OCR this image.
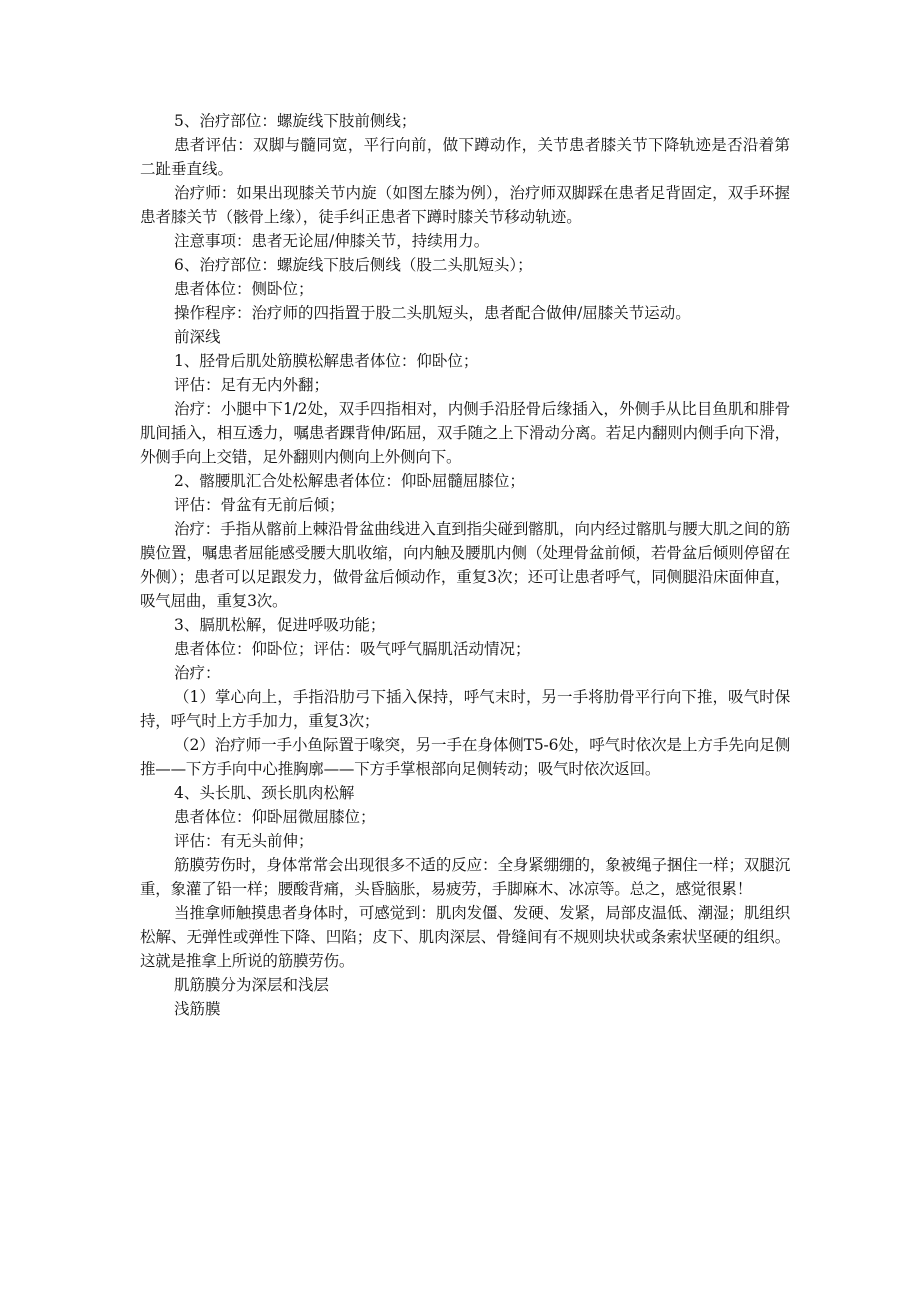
5、治疗部位：螺旋线下肢前侧线；

患者评估：双脚与髓同宽，平行向前，做下蹲动作，关节患者膝关节下降轨迹是否沿着第二趾垂直线。

治疗师：如果出现膝关节内旋（如图左膝为例），治疗师双脚踩在患者足背固定，双手环握患者膝关节（骸骨上缘），徒手纠正患者下蹲时膝关节移动轨迹。

注意事项：患者无论屈/伸膝关节，持续用力。

6、治疗部位：螺旋线下肢后侧线（股二头肌短头）；

患者体位：侧卧位；

操作程序：治疗师的四指置于股二头肌短头，患者配合做伸/屈膝关节运动。

前深线

1、胫骨后肌处筋膜松解患者体位：仰卧位；

评估：足有无内外翻；

治疗：小腿中下1/2处，双手四指相对，内侧手沿胫骨后缘插入，外侧手从比目鱼肌和腓骨肌间插入，相互透力，嘱患者踝背伸/跖屈，双手随之上下滑动分离。若足内翻则内侧手向下滑，外侧手向上交错，足外翻则内侧向上外侧向下。

2、髂腰肌汇合处松解患者体位：仰卧屈髓屈膝位；

评估：骨盆有无前后倾；

治疗：手指从髂前上棘沿骨盆曲线进入直到指尖碰到髂肌，向内经过髂肌与腰大肌之间的筋膜位置，嘱患者屈能感受腰大肌收缩，向内触及腰肌内侧（处理骨盆前倾，若骨盆后倾则停留在外侧）；患者可以足跟发力，做骨盆后倾动作，重复3次；还可让患者呼气，同侧腿沿床面伸直，吸气屈曲，重复3次。

3、膈肌松解，促进呼吸功能；

患者体位：仰卧位；评估：吸气呼气膈肌活动情况；

治疗：

（1）掌心向上，手指沿肋弓下插入保持，呼气末时，另一手将肋骨平行向下推，吸气时保持，呼气时上方手加力，重复3次；

（2）治疗师一手小鱼际置于喙突，另一手在身体侧T5-6处，呼气时依次是上方手先向足侧推——下方手向中心推胸廓——下方手掌根部向足侧转动；吸气时依次返回。

4、头长肌、颈长肌肉松解

患者体位：仰卧屈微屈膝位；

评估：有无头前伸；

筋膜劳伤时，身体常常会出现很多不适的反应：全身紧绷绷的，象被绳子捆住一样；双腿沉重，象灌了铅一样；腰酸背痛，头昏脑胀，易疲劳，手脚麻木、冰凉等。总之，感觉很累！

当推拿师触摸患者身体时，可感觉到：肌肉发僵、发硬、发紧，局部皮温低、潮湿；肌组织松解、无弹性或弹性下降、凹陷；皮下、肌肉深层、骨缝间有不规则块状或条索状坚硬的组织。这就是推拿上所说的筋膜劳伤。

肌筋膜分为深层和浅层

浅筋膜
